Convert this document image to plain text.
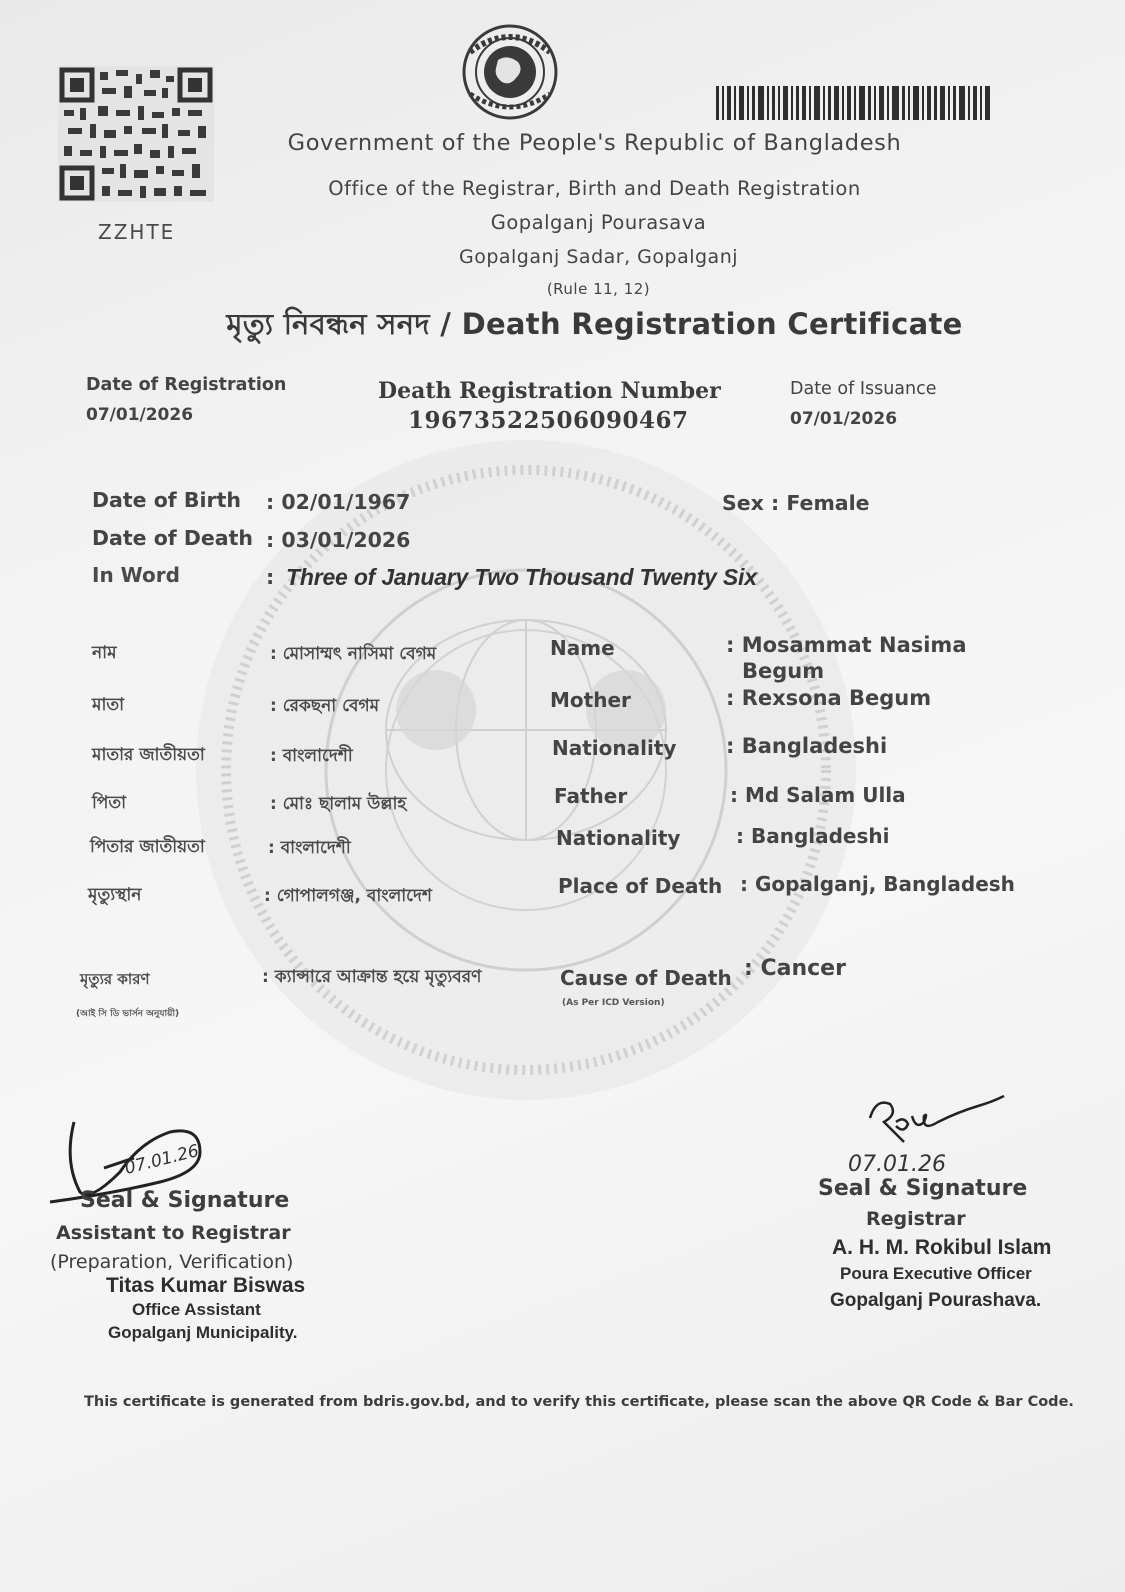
ZZHTE
Government of the People's Republic of Bangladesh
Office of the Registrar, Birth and Death Registration
Gopalganj Pourasava
Gopalganj Sadar, Gopalganj
(Rule 11, 12)
মৃত্যু নিবন্ধন সনদ / Death Registration Certificate
Date of Registration
07/01/2026
Death Registration Number
19673522506090467
Date of Issuance
07/01/2026
Date of Birth : 02/01/1967	Sex : Female
Date of Death : 03/01/2026
In Word	: Three of January Two Thousand Twenty Six
নাম	: মোসাম্মৎ নাসিমা বেগম
মাতা	: রেকছনা বেগম
মাতার জাতীয়তা	: বাংলাদেশী
পিতা	: মোঃ ছালাম উল্লাহ
পিতার জাতীয়তা	: বাংলাদেশী
মৃত্যুস্থান	: গোপালগঞ্জ, বাংলাদেশ
মৃত্যুর কারণ
(আই সি ডি ভার্সন অনুযায়ী)
: ক্যান্সারে আক্রান্ত হয়ে মৃত্যুবরণ
Name	: Mosammat Nasima
Begum
Mother	: Rexsona Begum
Nationality : Bangladeshi
Father	: Md Salam Ulla
Nationality	: Bangladeshi
Place of Death : Gopalganj, Bangladesh
Cause of Death
(As Per ICD Version)
: Cancer
07.01.26
Seal & Signature
Assistant to Registrar
(Preparation, Verification)
Titas Kumar Biswas
Office Assistant
Gopalganj Municipality.
07.01.26
Seal & Signature
Registrar
A. H. M. Rokibul Islam
Poura Executive Officer
Gopalganj Pourashava.
This certificate is generated from bdris.gov.bd, and to verify this certificate, please scan the above QR Code & Bar Code.
